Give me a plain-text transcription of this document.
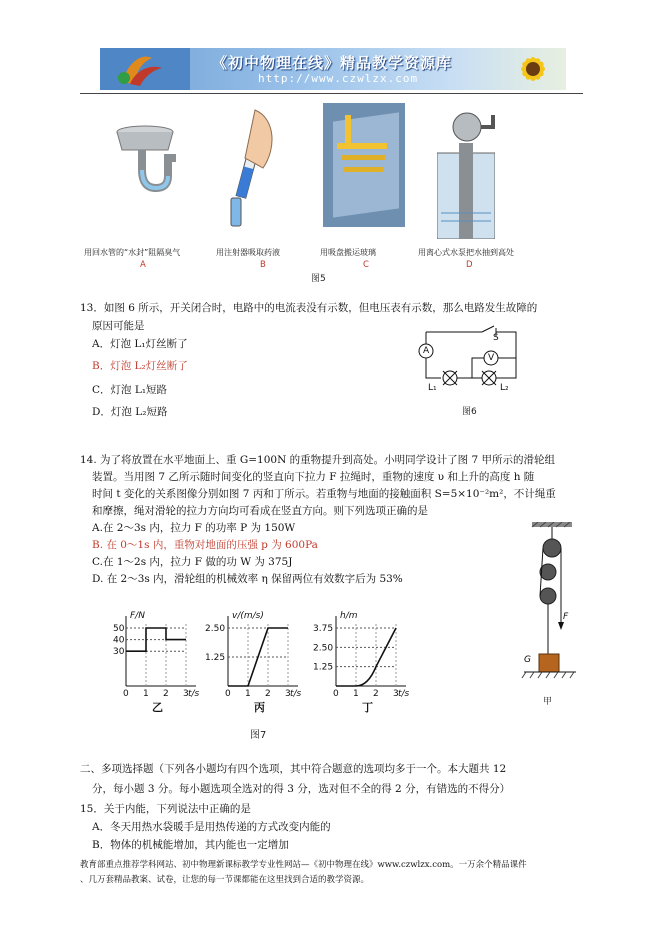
《初中物理在线》精品教学资源库
http://www.czwlzx.com
用回水管的“水封”阻隔臭气
A
用注射器吸取药液
B
用吸盘搬运玻璃
C
用离心式水泵把水抽到高处
D
图5
13．如图 6 所示，开关闭合时，电路中的电流表没有示数，但电压表有示数，那么电路发生故障的
原因可能是
A．灯泡 L₁灯丝断了
B．灯泡 L₂灯丝断了
C．灯泡 L₁短路
D．灯泡 L₂短路
A
V
S
L₁	L₂
图6
14. 为了将放置在水平地面上、重 G=100N 的重物提升到高处。小明同学设计了图 7 甲所示的滑轮组
装置。当用图 7 乙所示随时间变化的竖直向下拉力 F 拉绳时，重物的速度 υ 和上升的高度 h 随
时间 t 变化的关系图像分别如图 7 丙和丁所示。若重物与地面的接触面积 S=5×10⁻²m²，不计绳重
和摩擦，绳对滑轮的拉力方向均可看成在竖直方向。则下列选项正确的是
A.在 2～3s 内，拉力 F 的功率 P 为 150W
B. 在 0～1s 内，重物对地面的压强 p 为 600Pa
C.在 1～2s 内，拉力 F 做的功 W 为 375J
D. 在 2～3s 内，滑轮组的机械效率 η 保留两位有效数字后为 53%
0 1 2 3
30
40
50
F/N
t/s
乙
0 1 2 3
1.25
2.50
v/(m/s)
t/s
丙
0 1 2 3
1.25
2.50
3.75
h/m
t/s
丁
图7
F
G
甲
二、多项选择题（下列各小题均有四个选项，其中符合题意的选项均多于一个。本大题共 12
分，每小题 3 分。每小题选项全选对的得 3 分，选对但不全的得 2 分，有错选的不得分）
15．关于内能，下列说法中正确的是
A．冬天用热水袋暖手是用热传递的方式改变内能的
B．物体的机械能增加，其内能也一定增加
教育部重点推荐学科网站、初中物理新课标教学专业性网站—《初中物理在线》www.czwlzx.com。一万余个精品课件
、几万套精品教案、试卷，让您的每一节课都能在这里找到合适的教学资源。
